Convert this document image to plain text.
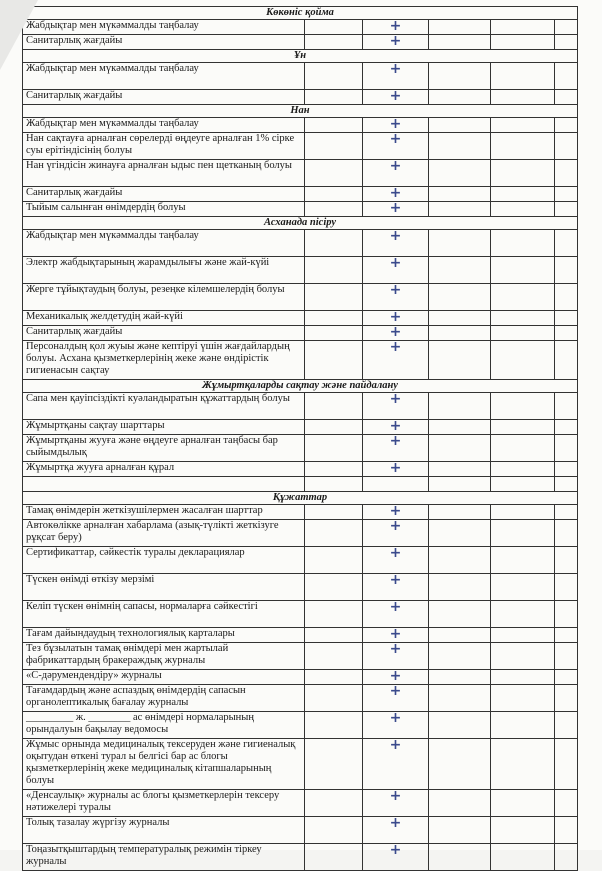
Көкөніс қойма					
Жабдықтар мен мүкәммалды таңбалау		+			
Санитарлық жағдайы		+			
Ұн					
Жабдықтар мен мүкәммалды таңбалау		+			
Санитарлық жағдайы		+			
Нан					
Жабдықтар мен мүкәммалды таңбалау		+			
Нан сақтауға арналған сөрелерді өңдеуге арналған 1% сірке суы ерітіндісінің болуы		+			
Нан үгіндісін жинауға арналған ыдыс пен щетканың болуы		+			
Санитарлық жағдайы		+			
Тыйым салынған өнімдердің болуы		+			
Асханада пісіру					
Жабдықтар мен мүкәммалды таңбалау		+			
Электр жабдықтарының жарамдылығы және жай-күйі		+			
Жерге тұйықтаудың болуы, резеңке кілемшелердің болуы		+			
Механикалық желдетудің жай-күйі		+			
Санитарлық жағдайы		+			
Персоналдың қол жуыы және кептіруі үшін жағдайлардың болуы. Асхана қызметкерлерінің жеке және өндірістік гигиенасын сақтау		+			
Жұмыртқаларды сақтау және пайдалану					
Сапа мен қауіпсіздікті куәландыратын құжаттардың болуы		+			
Жұмыртқаны сақтау шарттары		+			
Жұмыртқаны жууға және өңдеуге арналған таңбасы бар сыйымдылық		+			
Жұмыртқа жууға арналған құрал		+			

Құжаттар					
Тамақ өнімдерін жеткізушілермен жасалған шарттар		+			
Автокөлікке арналған хабарлама (азық-түлікті жеткізуге рұқсат беру)		+			
Сертификаттар, сәйкестік туралы декларациялар		+			
Түскен өнімді өткізу мерзімі		+			
Келіп түскен өнімнің сапасы, нормаларға сәйкестігі		+			
Тағам дайындаудың технологиялық карталары		+			
Тез бұзылатын тамақ өнімдері мен жартылай фабрикаттардың бракераждық журналы		+			
«С-дәрумендендіру» журналы		+			
Тағамдардың және аспаздық өнімдердің сапасын органолептикалық бағалау журналы		+			
_________ ж. ________ ас өнімдері нормаларының орындалуын бақылау ведомосы		+			
Жұмыс орнында медициналық тексеруден және гигиеналық оқытудан өткені турал ы белгісі бар ас блогы қызметкерлерінің жеке медициналық кітапшаларының болуы		+			
«Денсаулық» журналы ас блогы қызметкерлерін тексеру нәтижелері туралы		+			
Толық тазалау жүргізу журналы		+			
Тоңазытқыштардың температуралық режимін тіркеу журналы		+			
